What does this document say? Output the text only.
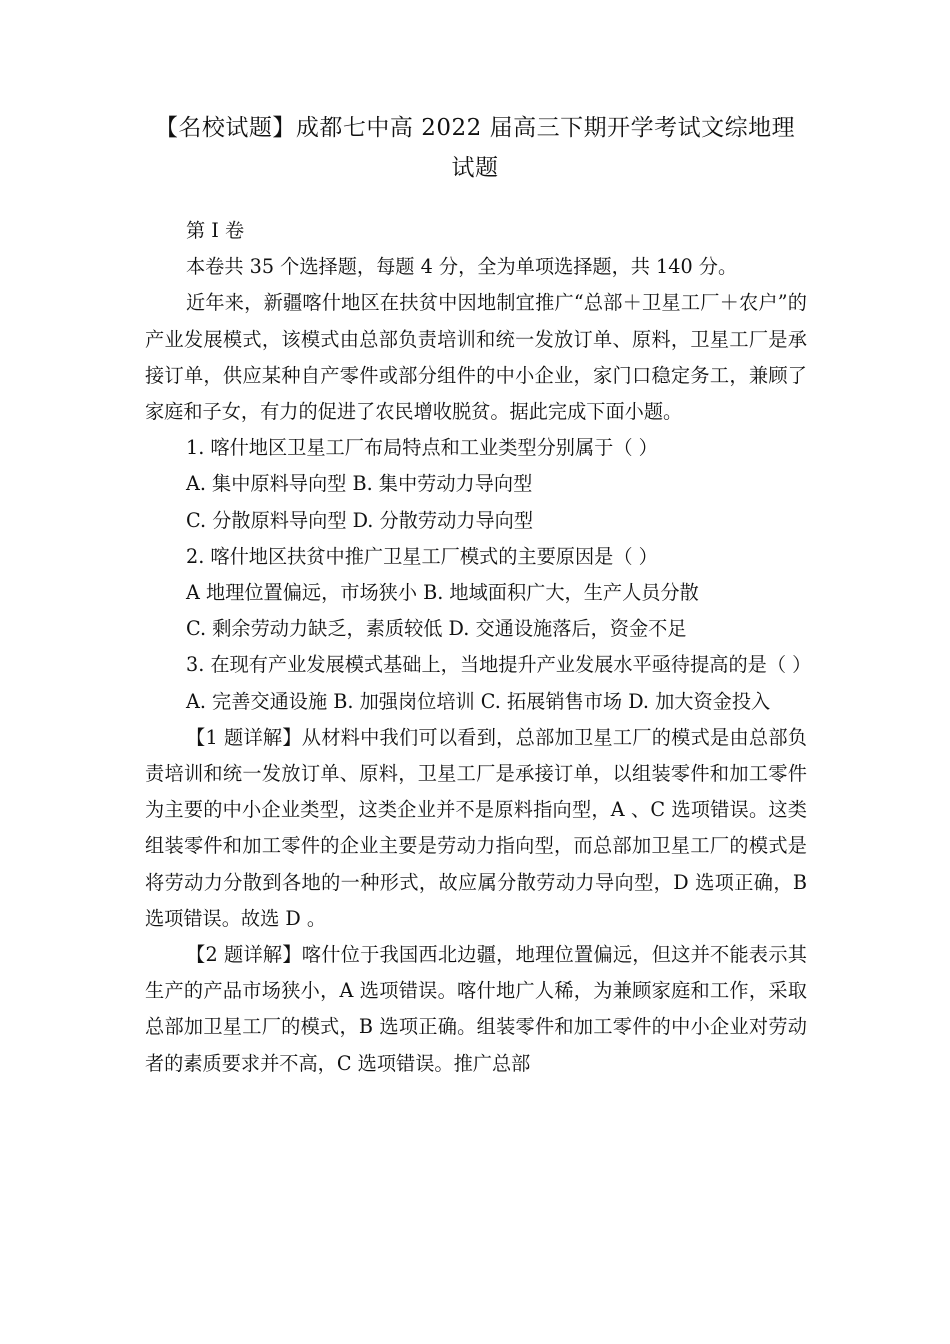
【名校试题】成都七中高 2022 届高三下期开学考试文综地理试题

第 I 卷

本卷共 35 个选择题，每题 4 分，全为单项选择题，共 140 分。

近年来，新疆喀什地区在扶贫中因地制宜推广“总部＋卫星工厂＋农户”的产业发展模式，该模式由总部负责培训和统一发放订单、原料，卫星工厂是承接订单，供应某种自产零件或部分组件的中小企业，家门口稳定务工，兼顾了家庭和子女，有力的促进了农民增收脱贫。据此完成下面小题。

1. 喀什地区卫星工厂布局特点和工业类型分别属于（ ）

A. 集中原料导向型 B. 集中劳动力导向型

C. 分散原料导向型 D. 分散劳动力导向型

2. 喀什地区扶贫中推广卫星工厂模式的主要原因是（ ）

A 地理位置偏远，市场狭小 B. 地域面积广大，生产人员分散

C. 剩余劳动力缺乏，素质较低 D. 交通设施落后，资金不足

3. 在现有产业发展模式基础上，当地提升产业发展水平亟待提高的是（ ）

A. 完善交通设施 B. 加强岗位培训 C. 拓展销售市场 D. 加大资金投入

【1 题详解】从材料中我们可以看到，总部加卫星工厂的模式是由总部负责培训和统一发放订单、原料，卫星工厂是承接订单，以组装零件和加工零件为主要的中小企业类型，这类企业并不是原料指向型，A 、C 选项错误。这类组装零件和加工零件的企业主要是劳动力指向型，而总部加卫星工厂的模式是将劳动力分散到各地的一种形式，故应属分散劳动力导向型，D 选项正确，B 选项错误。故选 D 。

【2 题详解】喀什位于我国西北边疆，地理位置偏远，但这并不能表示其生产的产品市场狭小，A 选项错误。喀什地广人稀，为兼顾家庭和工作，采取总部加卫星工厂的模式，B 选项正确。组装零件和加工零件的中小企业对劳动者的素质要求并不高，C 选项错误。推广总部
